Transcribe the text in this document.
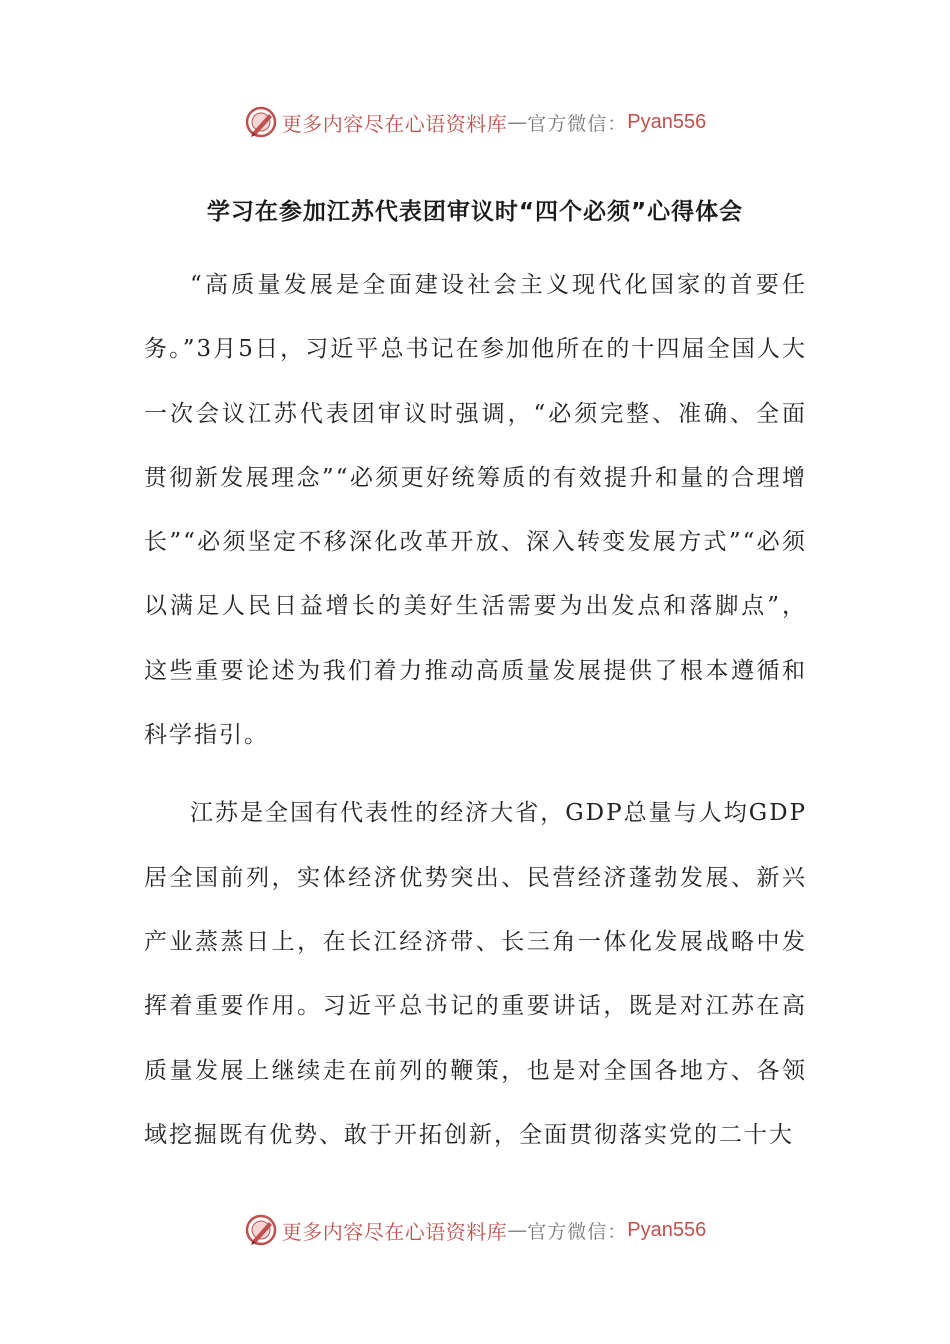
更多内容尽在心语资料库 — 官方微信： Pyan556
学习在参加江苏代表团审议时“四个必须”心得体会

“高质量发展是全面建设社会主义现代化国家的首要任务。”3月5日，习近平总书记在参加他所在的十四届全国人大一次会议江苏代表团审议时强调，“必须完整、准确、全面贯彻新发展理念”“必须更好统筹质的有效提升和量的合理增长”“必须坚定不移深化改革开放、深入转变发展方式”“必须以满足人民日益增长的美好生活需要为出发点和落脚点”，这些重要论述为我们着力推动高质量发展提供了根本遵循和科学指引。

江苏是全国有代表性的经济大省，GDP总量与人均GDP居全国前列，实体经济优势突出、民营经济蓬勃发展、新兴产业蒸蒸日上，在长江经济带、长三角一体化发展战略中发挥着重要作用。习近平总书记的重要讲话，既是对江苏在高质量发展上继续走在前列的鞭策，也是对全国各地方、各领域挖掘既有优势、敢于开拓创新，全面贯彻落实党的二十大

更多内容尽在心语资料库 — 官方微信： Pyan556
